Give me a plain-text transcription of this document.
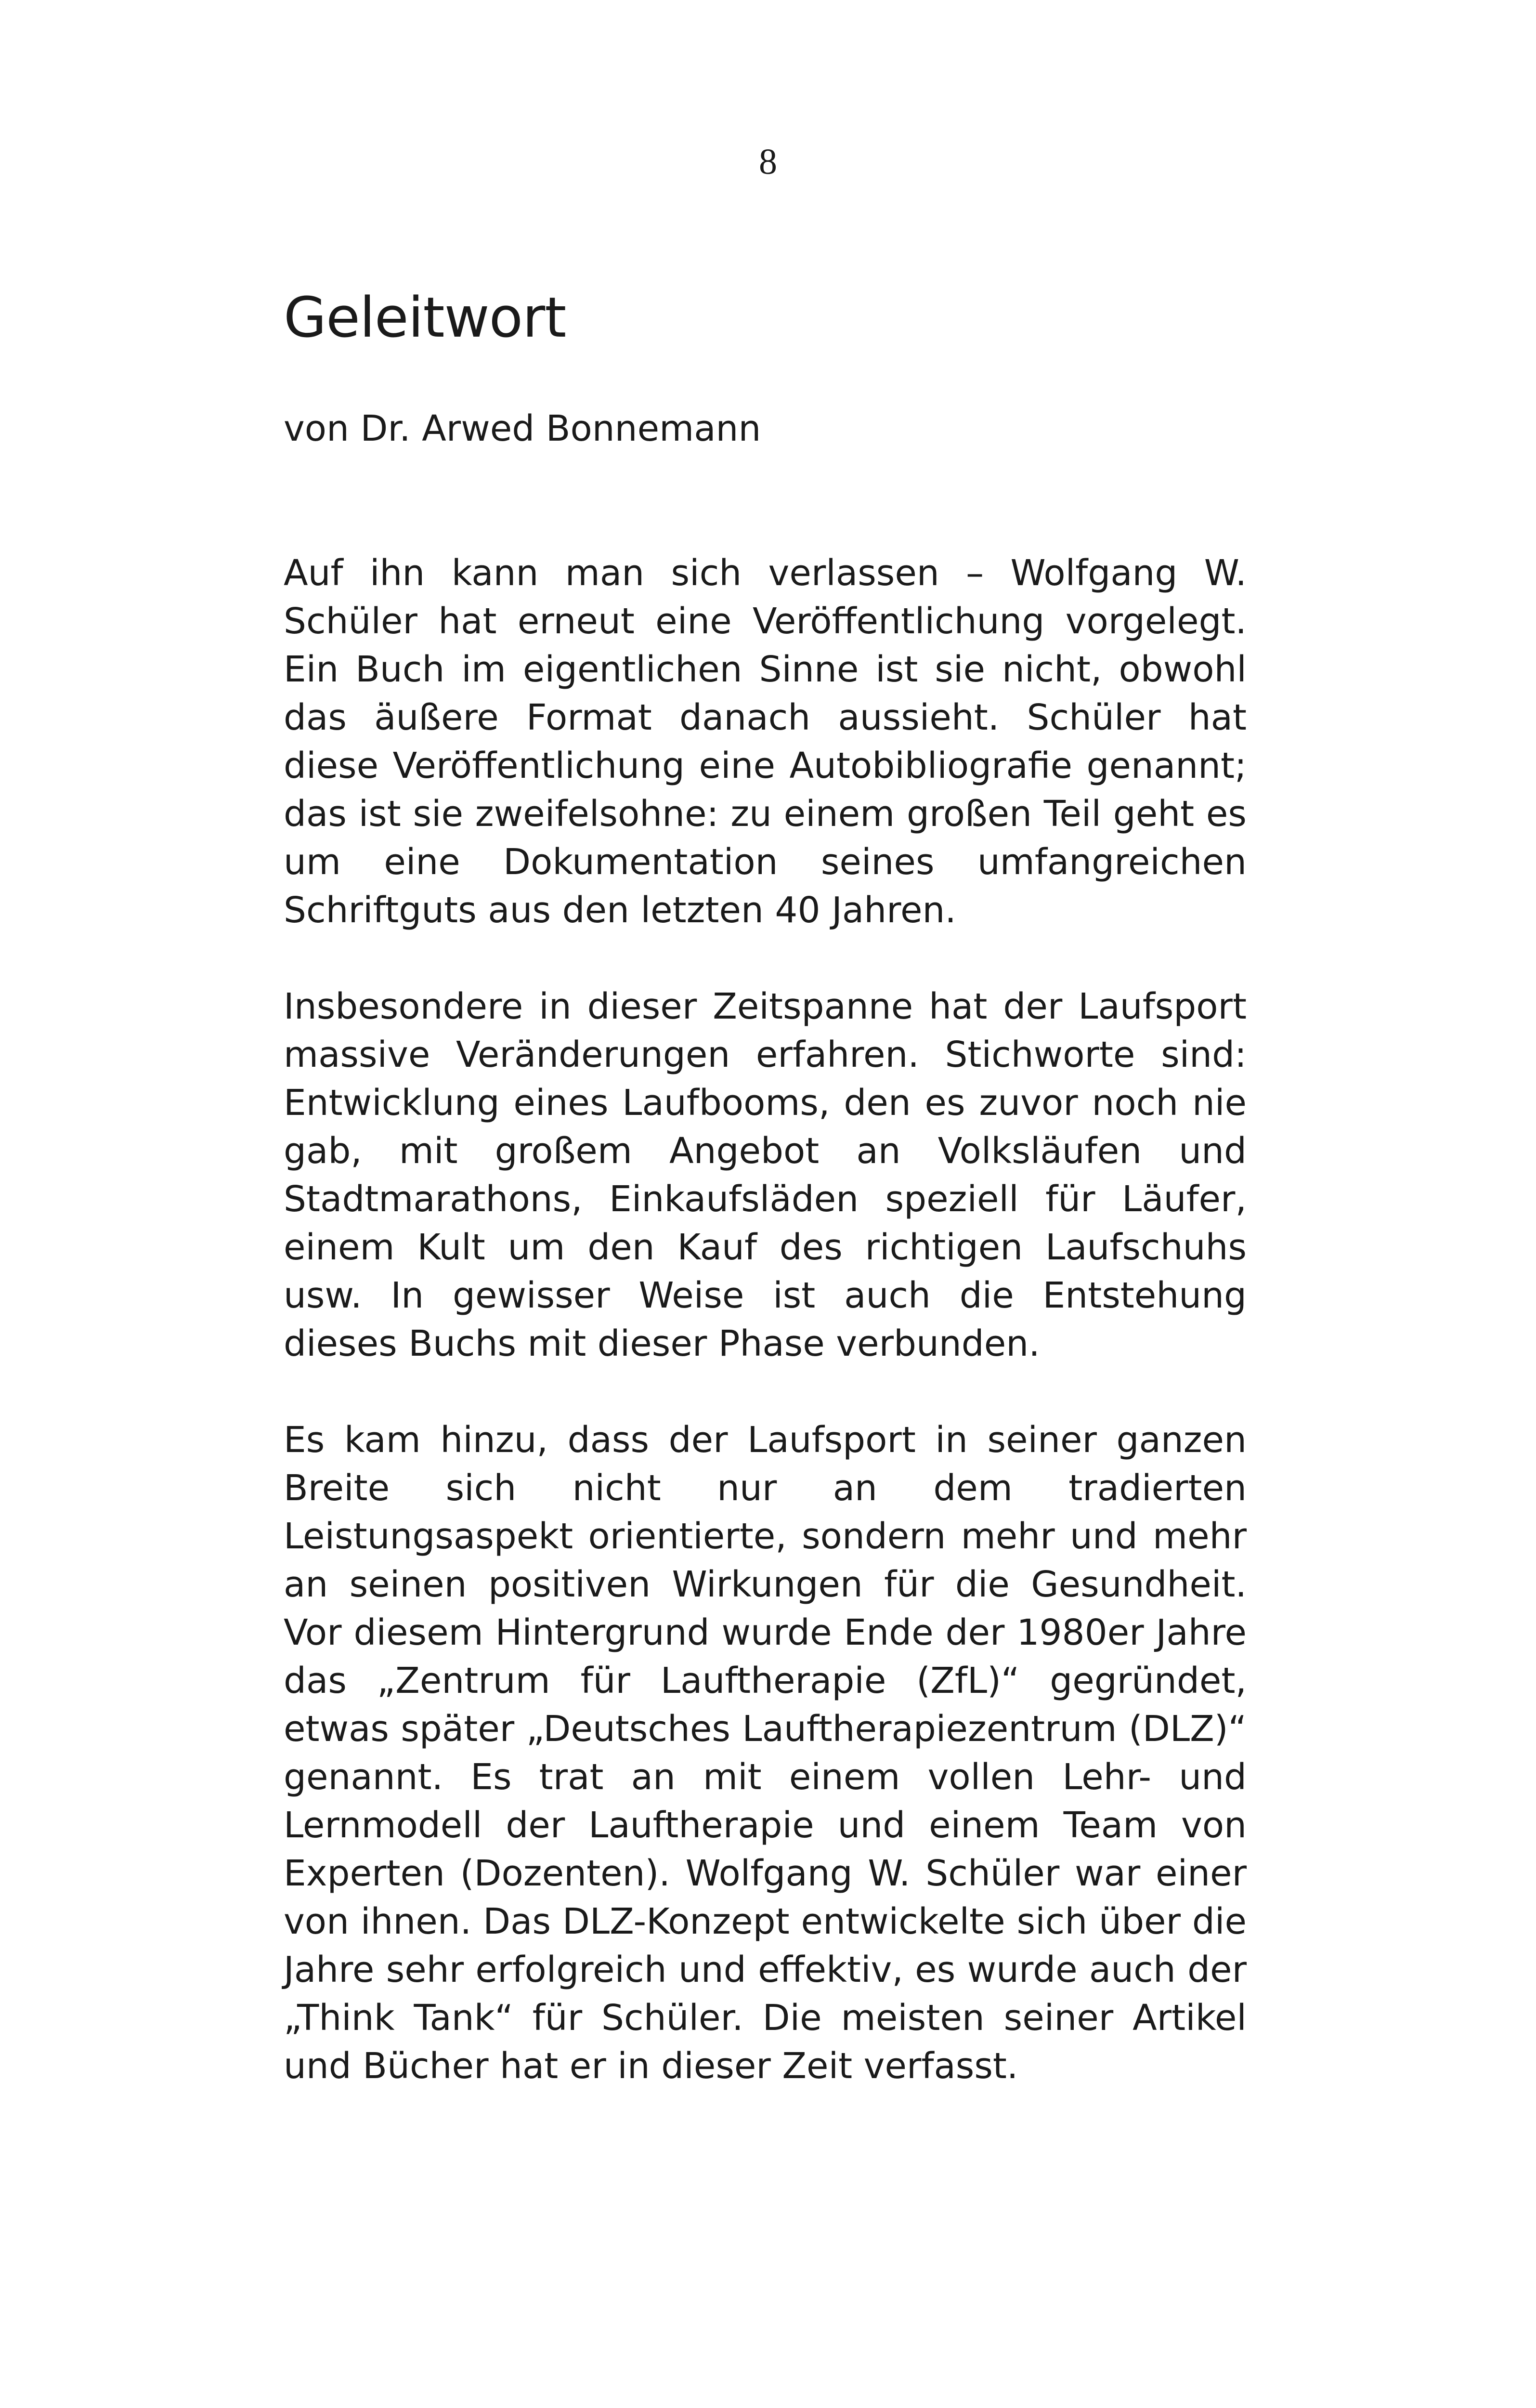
8
Geleitwort

von Dr. Arwed Bonnemann

Auf ihn kann man sich verlassen – Wolfgang W. Schüler hat erneut eine Veröffentlichung vorgelegt. Ein Buch im eigentlichen Sinne ist sie nicht, obwohl das äußere Format danach aussieht. Schüler hat diese Veröffentlichung eine Autobibliografie genannt; das ist sie zweifelsohne: zu einem großen Teil geht es um eine Dokumentation seines umfangreichen Schriftguts aus den letzten 40 Jahren.

Insbesondere in dieser Zeitspanne hat der Laufsport massive Veränderungen erfahren. Stichworte sind: Entwicklung eines Laufbooms, den es zuvor noch nie gab, mit großem Angebot an Volksläufen und Stadtmarathons, Einkaufsläden speziell für Läufer, einem Kult um den Kauf des richtigen Laufschuhs usw. In gewisser Weise ist auch die Entstehung dieses Buchs mit dieser Phase verbunden.

Es kam hinzu, dass der Laufsport in seiner ganzen Breite sich nicht nur an dem tradierten Leistungsaspekt orientierte, sondern mehr und mehr an seinen positiven Wirkungen für die Gesundheit. Vor diesem Hintergrund wurde Ende der 1980er Jahre das „Zentrum für Lauftherapie (ZfL)“ gegründet, etwas später „Deutsches Lauftherapiezentrum (DLZ)“ genannt. Es trat an mit einem vollen Lehr- und Lernmodell der Lauftherapie und einem Team von Experten (Dozenten). Wolfgang W. Schüler war einer von ihnen. Das DLZ-Konzept entwickelte sich über die Jahre sehr erfolgreich und effektiv, es wurde auch der „Think Tank“ für Schüler. Die meisten seiner Artikel und Bücher hat er in dieser Zeit verfasst.
